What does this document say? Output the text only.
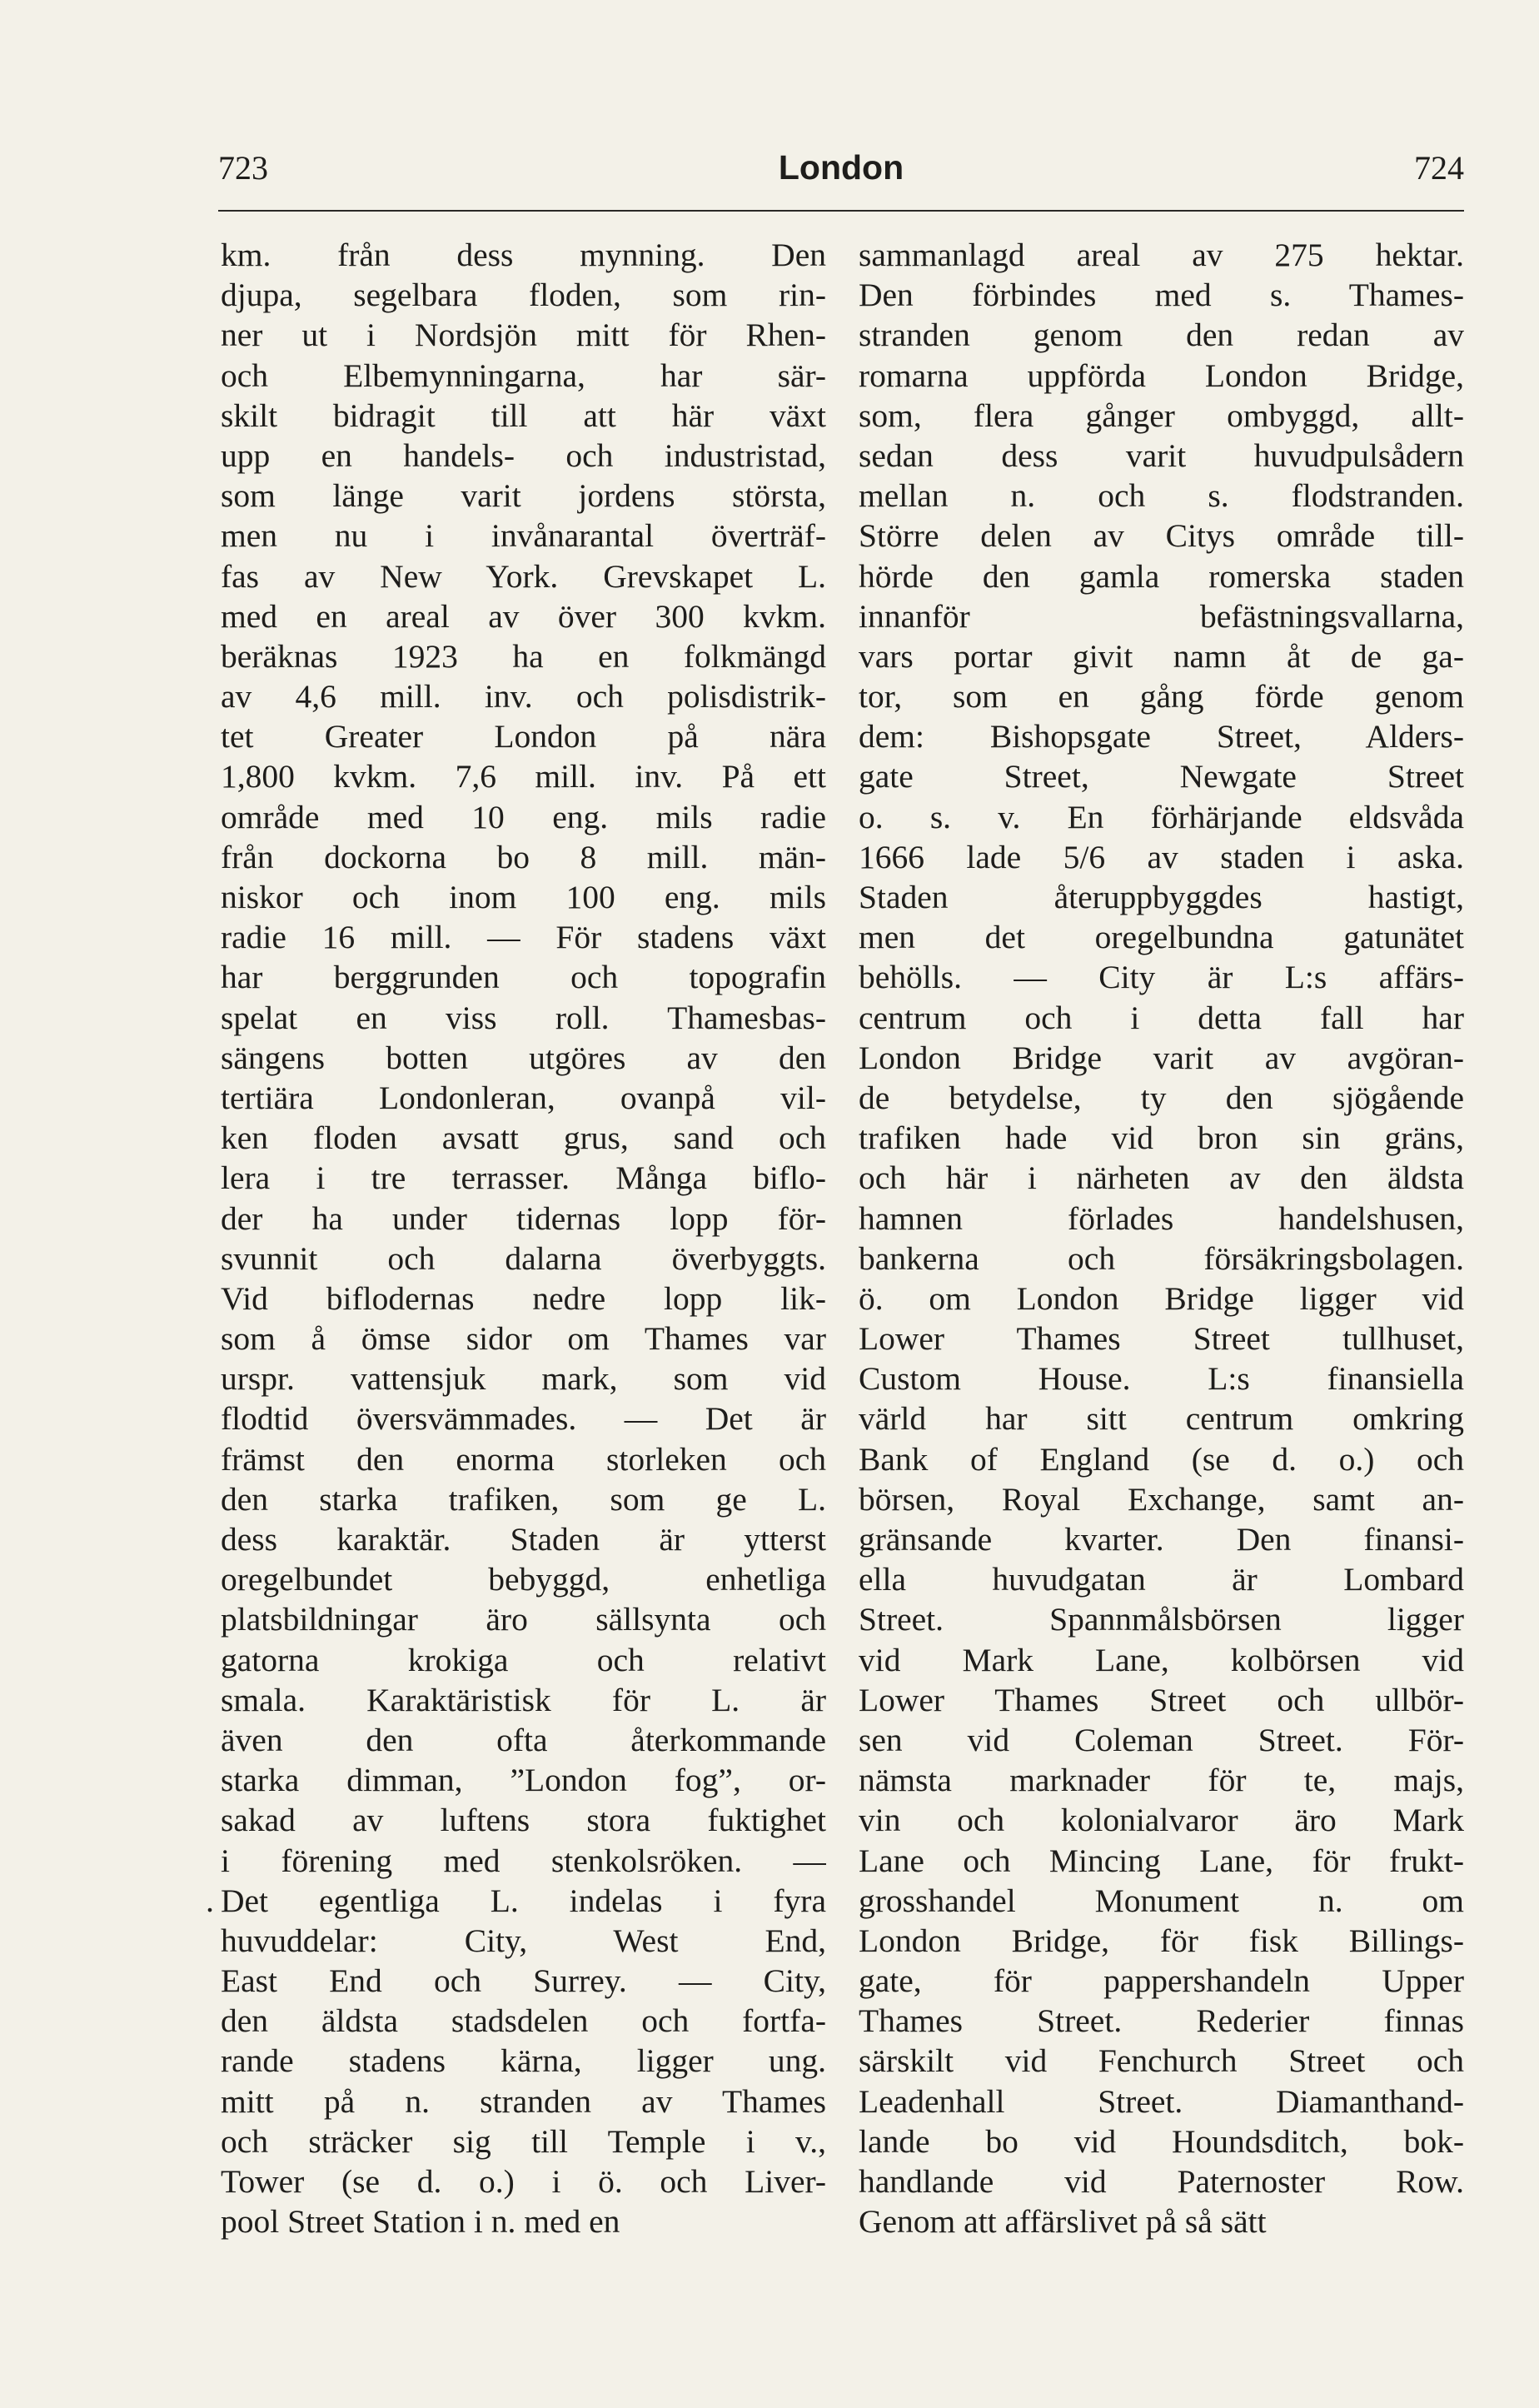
723	London	724
km. från dess mynning. Den
djupa, segelbara floden, som rin-
ner ut i Nordsjön mitt för Rhen-
och Elbemynningarna, har sär-
skilt bidragit till att här växt
upp en handels- och industristad,
som länge varit jordens största,
men nu i invånarantal överträf-
fas av New York. Grevskapet L.
med en areal av över 300 kvkm.
beräknas 1923 ha en folkmängd
av 4,6 mill. inv. och polisdistrik-
tet Greater London på nära
1,800 kvkm. 7,6 mill. inv. På ett
område med 10 eng. mils radie
från dockorna bo 8 mill. män-
niskor och inom 100 eng. mils
radie 16 mill. — För stadens växt
har berggrunden och topografin
spelat en viss roll. Thamesbas-
sängens botten utgöres av den
tertiära Londonleran, ovanpå vil-
ken floden avsatt grus, sand och
lera i tre terrasser. Många biflo-
der ha under tidernas lopp för-
svunnit och dalarna överbyggts.
Vid biflodernas nedre lopp lik-
som å ömse sidor om Thames var
urspr. vattensjuk mark, som vid
flodtid översvämmades. — Det är
främst den enorma storleken och
den starka trafiken, som ge L.
dess karaktär. Staden är ytterst
oregelbundet bebyggd, enhetliga
platsbildningar äro sällsynta och
gatorna krokiga och relativt
smala. Karaktäristisk för L. är
även den ofta återkommande
starka dimman, ”London fog”, or-
sakad av luftens stora fuktighet
i förening med stenkolsröken. —
Det egentliga L. indelas i fyra
huvuddelar: City, West End,
East End och Surrey. — City,
den äldsta stadsdelen och fortfa-
rande stadens kärna, ligger ung.
mitt på n. stranden av Thames
och sträcker sig till Temple i v.,
Tower (se d. o.) i ö. och Liver-
pool Street Station i n. med en
sammanlagd areal av 275 hektar.
Den förbindes med s. Thames-
stranden genom den redan av
romarna uppförda London Bridge,
som, flera gånger ombyggd, allt-
sedan dess varit huvudpulsådern
mellan n. och s. flodstranden.
Större delen av Citys område till-
hörde den gamla romerska staden
innanför befästningsvallarna,
vars portar givit namn åt de ga-
tor, som en gång förde genom
dem: Bishopsgate Street, Alders-
gate Street, Newgate Street
o. s. v. En förhärjande eldsvåda
1666 lade 5/6 av staden i aska.
Staden återuppbyggdes hastigt,
men det oregelbundna gatunätet
behölls. — City är L:s affärs-
centrum och i detta fall har
London Bridge varit av avgöran-
de betydelse, ty den sjögående
trafiken hade vid bron sin gräns,
och här i närheten av den äldsta
hamnen förlades handelshusen,
bankerna och försäkringsbolagen.
ö. om London Bridge ligger vid
Lower Thames Street tullhuset,
Custom House. L:s finansiella
värld har sitt centrum omkring
Bank of England (se d. o.) och
börsen, Royal Exchange, samt an-
gränsande kvarter. Den finansi-
ella huvudgatan är Lombard
Street. Spannmålsbörsen ligger
vid Mark Lane, kolbörsen vid
Lower Thames Street och ullbör-
sen vid Coleman Street. För-
nämsta marknader för te, majs,
vin och kolonialvaror äro Mark
Lane och Mincing Lane, för frukt-
grosshandel Monument n. om
London Bridge, för fisk Billings-
gate, för pappershandeln Upper
Thames Street. Rederier finnas
särskilt vid Fenchurch Street och
Leadenhall Street. Diamanthand-
lande bo vid Houndsditch, bok-
handlande vid Paternoster Row.
Genom att affärslivet på så sätt
.
